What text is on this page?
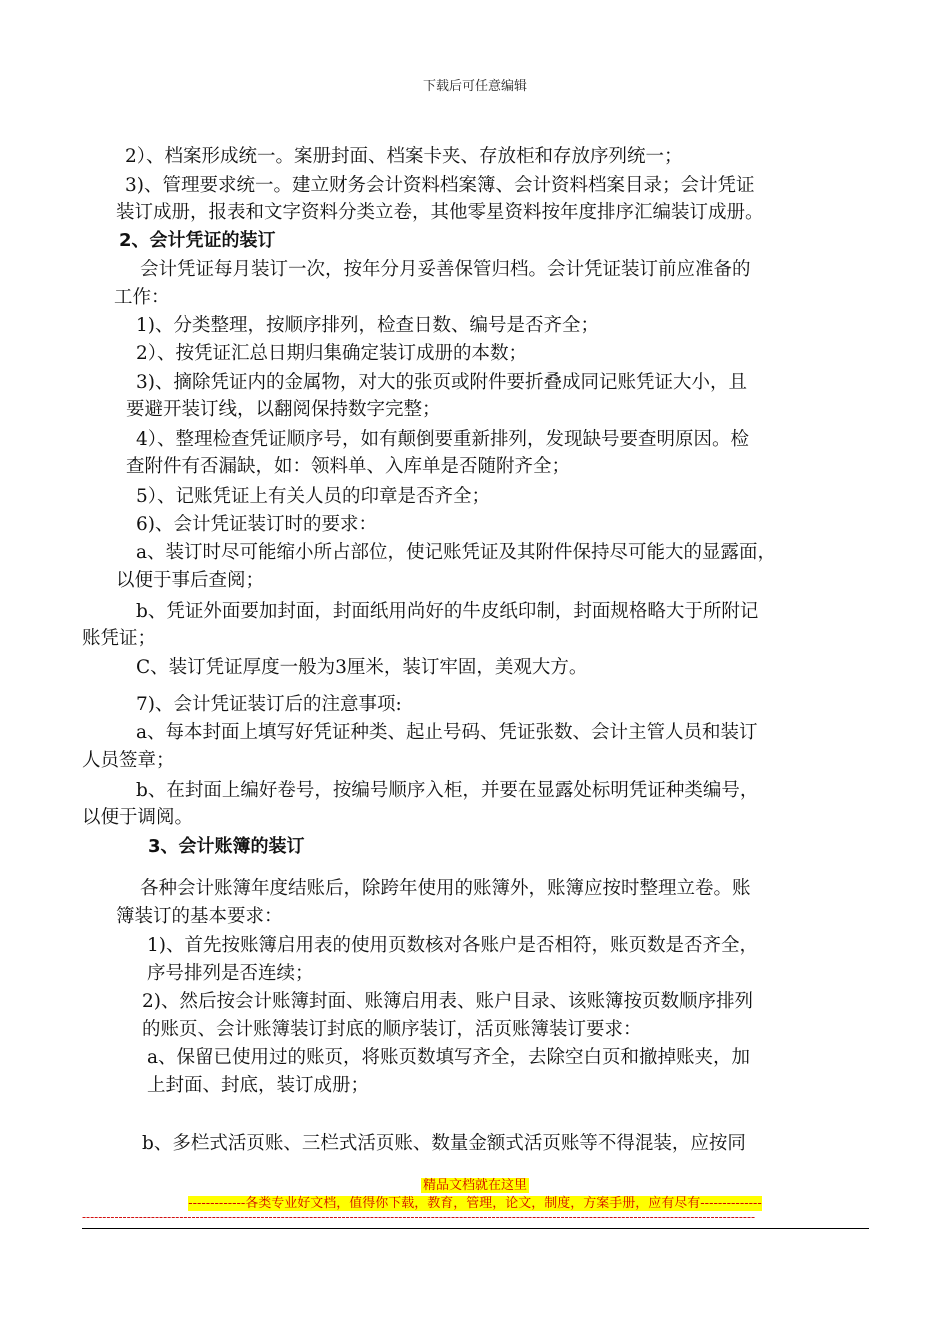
下载后可任意编辑
2）、档案形成统一。案册封面、档案卡夹、存放柜和存放序列统一；
3)、管理要求统一。建立财务会计资料档案簿、会计资料档案目录；会计凭证
装订成册，报表和文字资料分类立卷，其他零星资料按年度排序汇编装订成册。
2、会计凭证的装订
会计凭证每月装订一次，按年分月妥善保管归档。会计凭证装订前应准备的
工作：
1)、分类整理，按顺序排列，检查日数、编号是否齐全；
2）、按凭证汇总日期归集确定装订成册的本数；
3)、摘除凭证内的金属物，对大的张页或附件要折叠成同记账凭证大小，且
要避开装订线，以翻阅保持数字完整；
4）、整理检查凭证顺序号，如有颠倒要重新排列，发现缺号要查明原因。检
查附件有否漏缺，如：领料单、入库单是否随附齐全；
5）、记账凭证上有关人员的印章是否齐全；
6)、会计凭证装订时的要求：
a、装订时尽可能缩小所占部位，使记账凭证及其附件保持尽可能大的显露面，
以便于事后查阅；
b、凭证外面要加封面，封面纸用尚好的牛皮纸印制，封面规格略大于所附记
账凭证；
C、装订凭证厚度一般为3厘米，装订牢固，美观大方。
7)、会计凭证装订后的注意事项:
a、每本封面上填写好凭证种类、起止号码、凭证张数、会计主管人员和装订
人员签章；
b、在封面上编好卷号，按编号顺序入柜，并要在显露处标明凭证种类编号，
以便于调阅。
3、会计账簿的装订
各种会计账簿年度结账后，除跨年使用的账簿外，账簿应按时整理立卷。账
簿装订的基本要求：
1)、首先按账簿启用表的使用页数核对各账户是否相符，账页数是否齐全，
序号排列是否连续；
2)、然后按会计账簿封面、账簿启用表、账户目录、该账簿按页数顺序排列
的账页、会计账簿装订封底的顺序装订，活页账簿装订要求：
a、保留已使用过的账页，将账页数填写齐全，去除空白页和撤掉账夹，加
上封面、封底，装订成册；
b、多栏式活页账、三栏式活页账、数量金额式活页账等不得混装，应按同
精品文档就在这里
-------------各类专业好文档，值得你下载，教育，管理，论文，制度，方案手册，应有尽有--------------
----------------------------------------------------------------------------------------------------------------------------------------------------------------------
